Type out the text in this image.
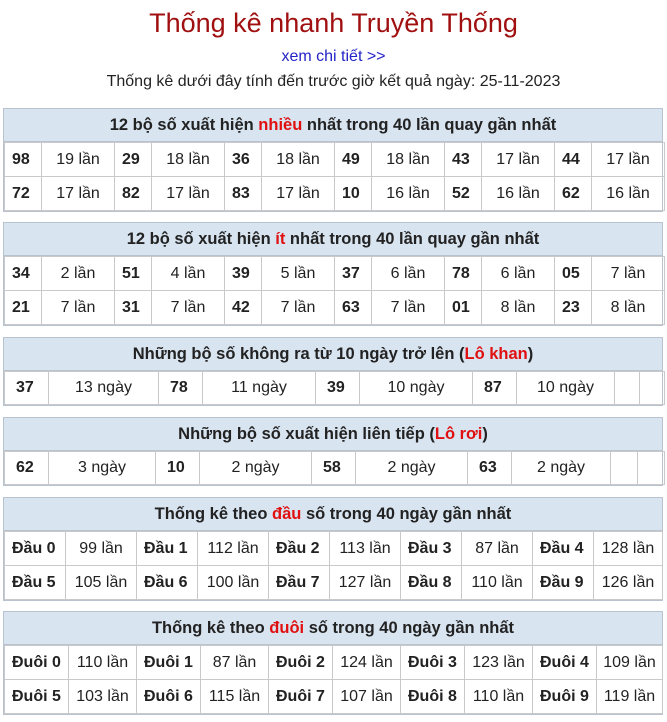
Thống kê nhanh Truyền Thống
xem chi tiết >>
Thống kê dưới đây tính đến trước giờ kết quả ngày: 25-11-2023
12 bộ số xuất hiện nhiều nhất trong 40 lần quay gần nhất
98	19 lần	29	18 lần	36	18 lần	49	18 lần	43	17 lần	44	17 lần
72	17 lần	82	17 lần	83	17 lần	10	16 lần	52	16 lần	62	16 lần
12 bộ số xuất hiện ít nhất trong 40 lần quay gần nhất
34	2 lần	51	4 lần	39	5 lần	37	6 lần	78	6 lần	05	7 lần
21	7 lần	31	7 lần	42	7 lần	63	7 lần	01	8 lần	23	8 lần
Những bộ số không ra từ 10 ngày trở lên (Lô khan)
37	13 ngày	78	11 ngày	39	10 ngày	87	10 ngày		
Những bộ số xuất hiện liên tiếp (Lô rơi)
62	3 ngày	10	2 ngày	58	2 ngày	63	2 ngày		
Thống kê theo đầu số trong 40 ngày gần nhất
Đầu 0	99 lần	Đầu 1	112 lần	Đầu 2	113 lần	Đầu 3	87 lần	Đầu 4	128 lần
Đầu 5	105 lần	Đầu 6	100 lần	Đầu 7	127 lần	Đầu 8	110 lần	Đầu 9	126 lần
Thống kê theo đuôi số trong 40 ngày gần nhất
Đuôi 0	110 lần	Đuôi 1	87 lần	Đuôi 2	124 lần	Đuôi 3	123 lần	Đuôi 4	109 lần
Đuôi 5	103 lần	Đuôi 6	115 lần	Đuôi 7	107 lần	Đuôi 8	110 lần	Đuôi 9	119 lần
